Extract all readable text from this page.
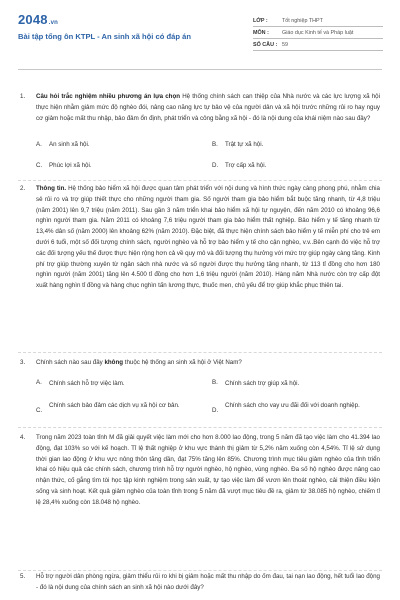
2048.vn
Bài tập tổng ôn KTPL - An sinh xã hội có đáp án
LỚP :	Tốt nghiệp THPT
MÔN :	Giáo dục Kinh tế và Pháp luật
SỐ CÂU : 59
1. Câu hỏi trắc nghiệm nhiều phương án lựa chọn Hệ thống chính sách can thiệp của Nhà nước và các lực lượng xã hội thực hiện nhằm giảm mức độ nghèo đói, nâng cao năng lực tự bảo vệ của người dân và xã hội trước những rủi ro hay nguy cơ giảm hoặc mất thu nhập, bảo đảm ổn định, phát triển và công bằng xã hội - đó là nội dung của khái niệm nào sau đây?
A. An sinh xã hội.	B. Trật tự xã hội.
C. Phúc lợi xã hội.	D. Trợ cấp xã hội.
2. Thông tin. Hệ thống bảo hiểm xã hội được quan tâm phát triển với nội dung và hình thức ngày càng phong phú, nhằm chia sẻ rủi ro và trợ giúp thiết thực cho những người tham gia. Số người tham gia bảo hiểm bắt buộc tăng nhanh, từ 4,8 triệu (năm 2001) lên 9,7 triệu (năm 2011). Sau gần 3 năm triển khai bảo hiểm xã hội tự nguyện, đến năm 2010 có khoảng 96,6 nghìn người tham gia. Năm 2011 có khoảng 7,6 triệu người tham gia bảo hiểm thất nghiệp. Bảo hiểm y tế tăng nhanh từ 13,4% dân số (năm 2000) lên khoảng 62% (năm 2010). Đặc biệt, đã thực hiện chính sách bảo hiểm y tế miễn phí cho trẻ em dưới 6 tuổi, một số đối tượng chính sách, người nghèo và hỗ trợ bảo hiểm y tế cho cận nghèo, v.v..Bên cạnh đó việc hỗ trợ các đối tượng yếu thế được thực hiện rộng hơn cả về quy mô và đối tượng thụ hưởng với mức trợ giúp ngày càng tăng. Kinh phí trợ giúp thường xuyên từ ngân sách nhà nước và số người được thụ hưởng tăng nhanh, từ 113 tỉ đồng cho hơn 180 nghìn người (năm 2001) tăng lên 4.500 tỉ đồng cho hơn 1,6 triệu người (năm 2010). Hàng năm Nhà nước còn trợ cấp đột xuất hàng nghìn tỉ đồng và hàng chục nghìn tấn lương thực, thuốc men, chủ yếu để trợ giúp khắc phục thiên tai.
3. Chính sách nào sau đây không thuộc hệ thống an sinh xã hội ở Việt Nam?
A. Chính sách hỗ trợ việc làm.	B. Chính sách trợ giúp xã hội.
C.
Chính sách bảo đảm các dịch vụ xã hội cơ bản.
D.
Chính sách cho vay ưu đãi đối với doanh nghiệp.
4. Trong năm 2023 toàn tỉnh M đã giải quyết việc làm mới cho hơn 8.000 lao động, trong 5 năm đã tạo việc làm cho 41.394 lao động, đạt 103% so với kế hoạch. Tỉ lệ thất nghiệp ở khu vực thành thị giảm từ 5,2% năm xuống còn 4,54%. Tỉ lệ sử dụng thời gian lao động ở khu vực nông thôn tăng dần, đạt 75% tăng lên 85%. Chương trình mục tiêu giảm nghèo của tỉnh triển khai có hiệu quả các chính sách, chương trình hỗ trợ người nghèo, hộ nghèo, vùng nghèo. Đa số hộ nghèo được nâng cao nhận thức, cố gắng tìm tòi học tập kinh nghiệm trong sản xuất, tự tạo việc làm để vươn lên thoát nghèo, cải thiện điều kiện sống và sinh hoạt. Kết quả giảm nghèo của toàn tỉnh trong 5 năm đã vượt mục tiêu đề ra, giảm từ 38.085 hộ nghèo, chiếm tỉ lệ 28,4% xuống còn 18.048 hộ nghèo.
5. Hỗ trợ người dân phòng ngừa, giảm thiểu rủi ro khi bị giảm hoặc mất thu nhập do ốm đau, tai nạn lao động, hết tuổi lao động - đó là nội dung của chính sách an sinh xã hội nào dưới đây?
